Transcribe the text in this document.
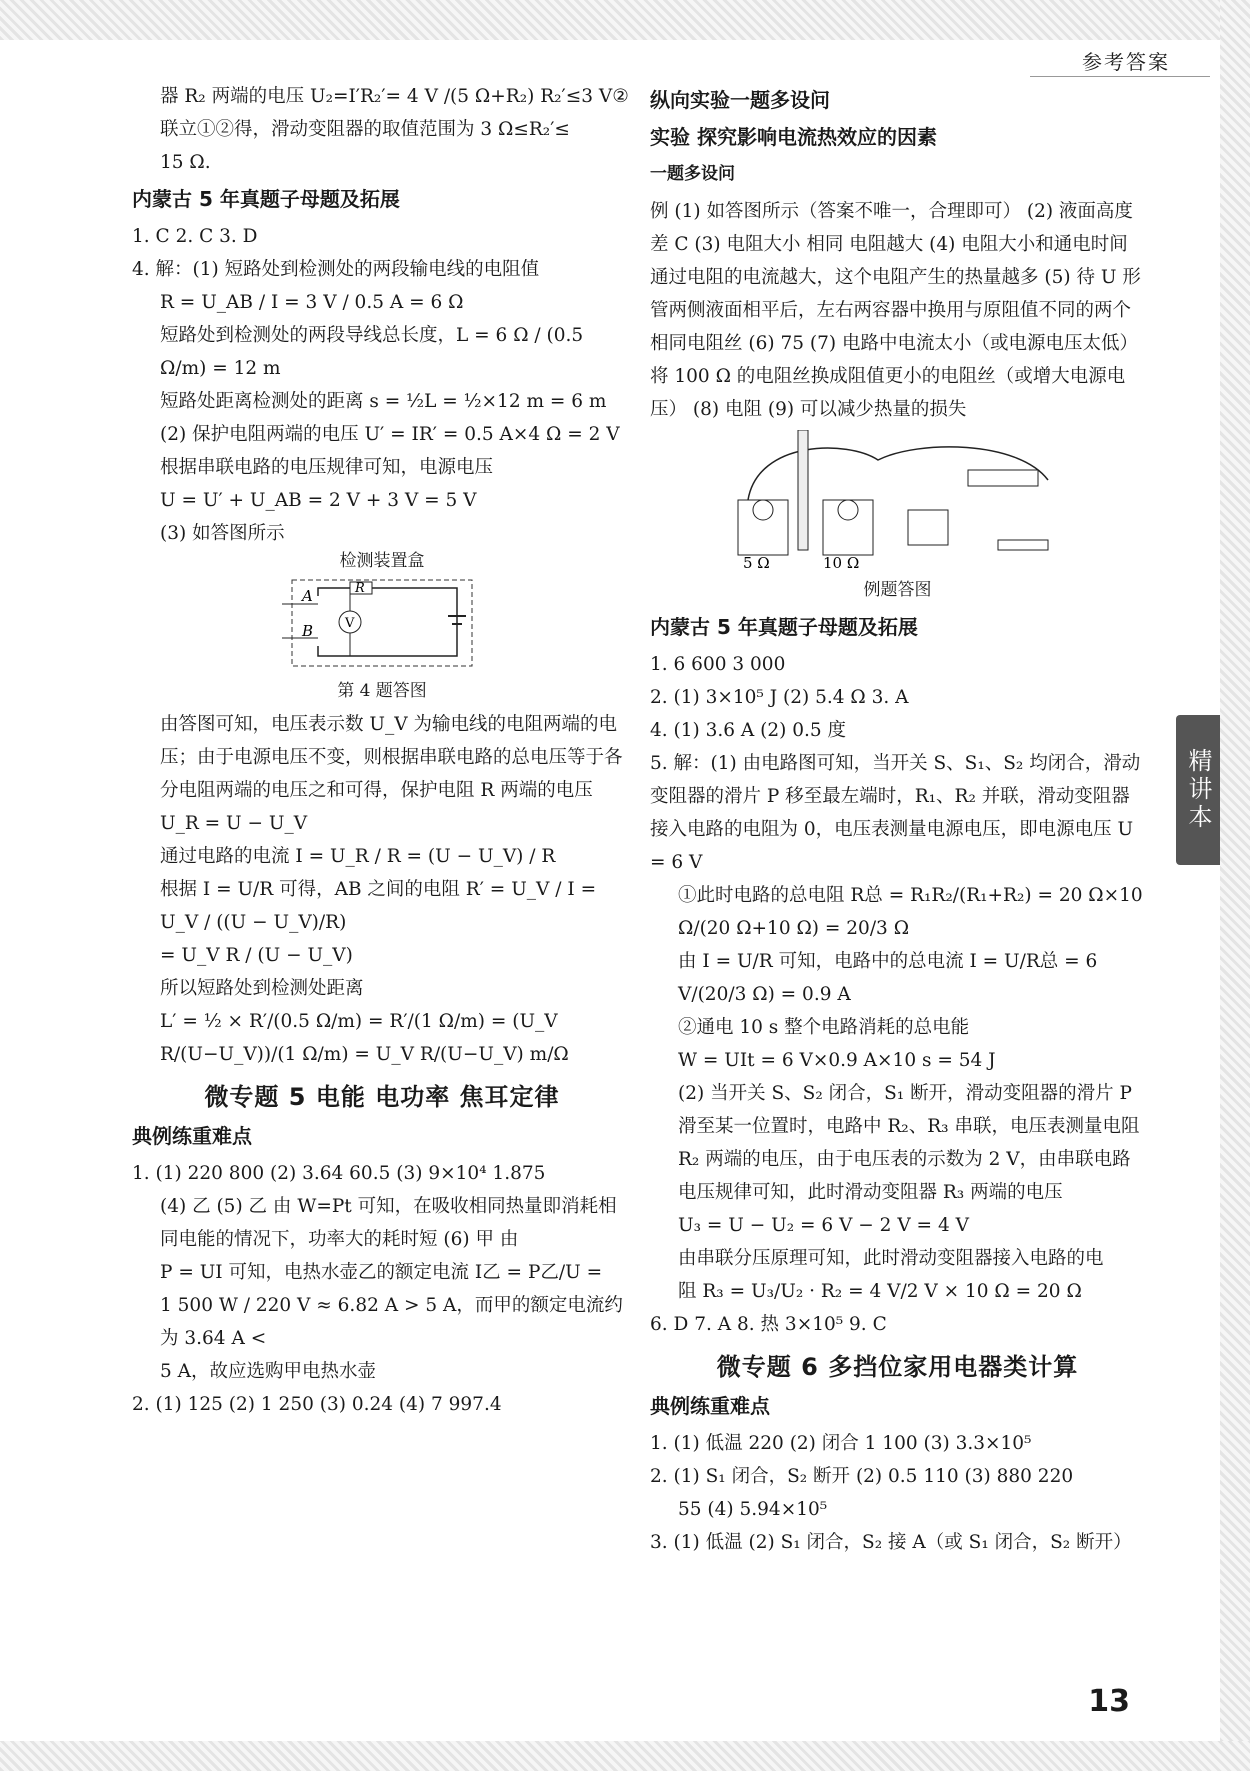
参考答案
精讲本
13

器 R₂ 两端的电压 U₂=I′R₂′= 4 V /(5 Ω+R₂) R₂′≤3 V②

联立①②得，滑动变阻器的取值范围为 3 Ω≤R₂′≤

15 Ω.

内蒙古 5 年真题子母题及拓展

1. C 2. C 3. D

4. 解：(1) 短路处到检测处的两段输电线的电阻值

R = U_AB / I = 3 V / 0.5 A = 6 Ω

短路处到检测处的两段导线总长度，L = 6 Ω / (0.5 Ω/m) = 12 m

短路处距离检测处的距离 s = ½L = ½×12 m = 6 m

(2) 保护电阻两端的电压 U′ = IR′ = 0.5 A×4 Ω = 2 V

根据串联电路的电压规律可知，电源电压

U = U′ + U_AB = 2 V + 3 V = 5 V

(3) 如答图所示

检测装置盒
A
B
R
V

第 4 题答图

由答图可知，电压表示数 U_V 为输电线的电阻两端的电压；由于电源电压不变，则根据串联电路的总电压等于各分电阻两端的电压之和可得，保护电阻 R 两端的电压 U_R = U − U_V

通过电路的电流 I = U_R / R = (U − U_V) / R

根据 I = U/R 可得，AB 之间的电阻 R′ = U_V / I = U_V / ((U − U_V)/R)

= U_V R / (U − U_V)

所以短路处到检测处距离

L′ = ½ × R′/(0.5 Ω/m) = R′/(1 Ω/m) = (U_V R/(U−U_V))/(1 Ω/m) = U_V R/(U−U_V) m/Ω

微专题 5 电能 电功率 焦耳定律

典例练重难点

1. (1) 220 800 (2) 3.64 60.5 (3) 9×10⁴ 1.875

(4) 乙 (5) 乙 由 W=Pt 可知，在吸收相同热量即消耗相同电能的情况下，功率大的耗时短 (6) 甲 由

P = UI 可知，电热水壶乙的额定电流 I乙 = P乙/U =

1 500 W / 220 V ≈ 6.82 A > 5 A，而甲的额定电流约为 3.64 A <

5 A，故应选购甲电热水壶

2. (1) 125 (2) 1 250 (3) 0.24 (4) 7 997.4

纵向实验一题多设问

实验 探究影响电流热效应的因素

一题多设问

例 (1) 如答图所示（答案不唯一，合理即可） (2) 液面高度差 C (3) 电阻大小 相同 电阻越大 (4) 电阻大小和通电时间 通过电阻的电流越大，这个电阻产生的热量越多 (5) 待 U 形管两侧液面相平后，左右两容器中换用与原阻值不同的两个相同电阻丝 (6) 75 (7) 电路中电流太小（或电源电压太低） 将 100 Ω 的电阻丝换成阻值更小的电阻丝（或增大电源电压） (8) 电阻 (9) 可以减少热量的损失

5 Ω	10 Ω

例题答图

内蒙古 5 年真题子母题及拓展

1. 6 600 3 000

2. (1) 3×10⁵ J (2) 5.4 Ω 3. A

4. (1) 3.6 A (2) 0.5 度

5. 解：(1) 由电路图可知，当开关 S、S₁、S₂ 均闭合，滑动变阻器的滑片 P 移至最左端时，R₁、R₂ 并联，滑动变阻器接入电路的电阻为 0，电压表测量电源电压，即电源电压 U = 6 V

①此时电路的总电阻 R总 = R₁R₂/(R₁+R₂) = 20 Ω×10 Ω/(20 Ω+10 Ω) = 20/3 Ω

由 I = U/R 可知，电路中的总电流 I = U/R总 = 6 V/(20/3 Ω) = 0.9 A

②通电 10 s 整个电路消耗的总电能

W = UIt = 6 V×0.9 A×10 s = 54 J

(2) 当开关 S、S₂ 闭合，S₁ 断开，滑动变阻器的滑片 P 滑至某一位置时，电路中 R₂、R₃ 串联，电压表测量电阻 R₂ 两端的电压，由于电压表的示数为 2 V，由串联电路电压规律可知，此时滑动变阻器 R₃ 两端的电压

U₃ = U − U₂ = 6 V − 2 V = 4 V

由串联分压原理可知，此时滑动变阻器接入电路的电

阻 R₃ = U₃/U₂ · R₂ = 4 V/2 V × 10 Ω = 20 Ω

6. D 7. A 8. 热 3×10⁵ 9. C

微专题 6 多挡位家用电器类计算

典例练重难点

1. (1) 低温 220 (2) 闭合 1 100 (3) 3.3×10⁵

2. (1) S₁ 闭合，S₂ 断开 (2) 0.5 110 (3) 880 220

55 (4) 5.94×10⁵

3. (1) 低温 (2) S₁ 闭合，S₂ 接 A（或 S₁ 闭合，S₂ 断开）
